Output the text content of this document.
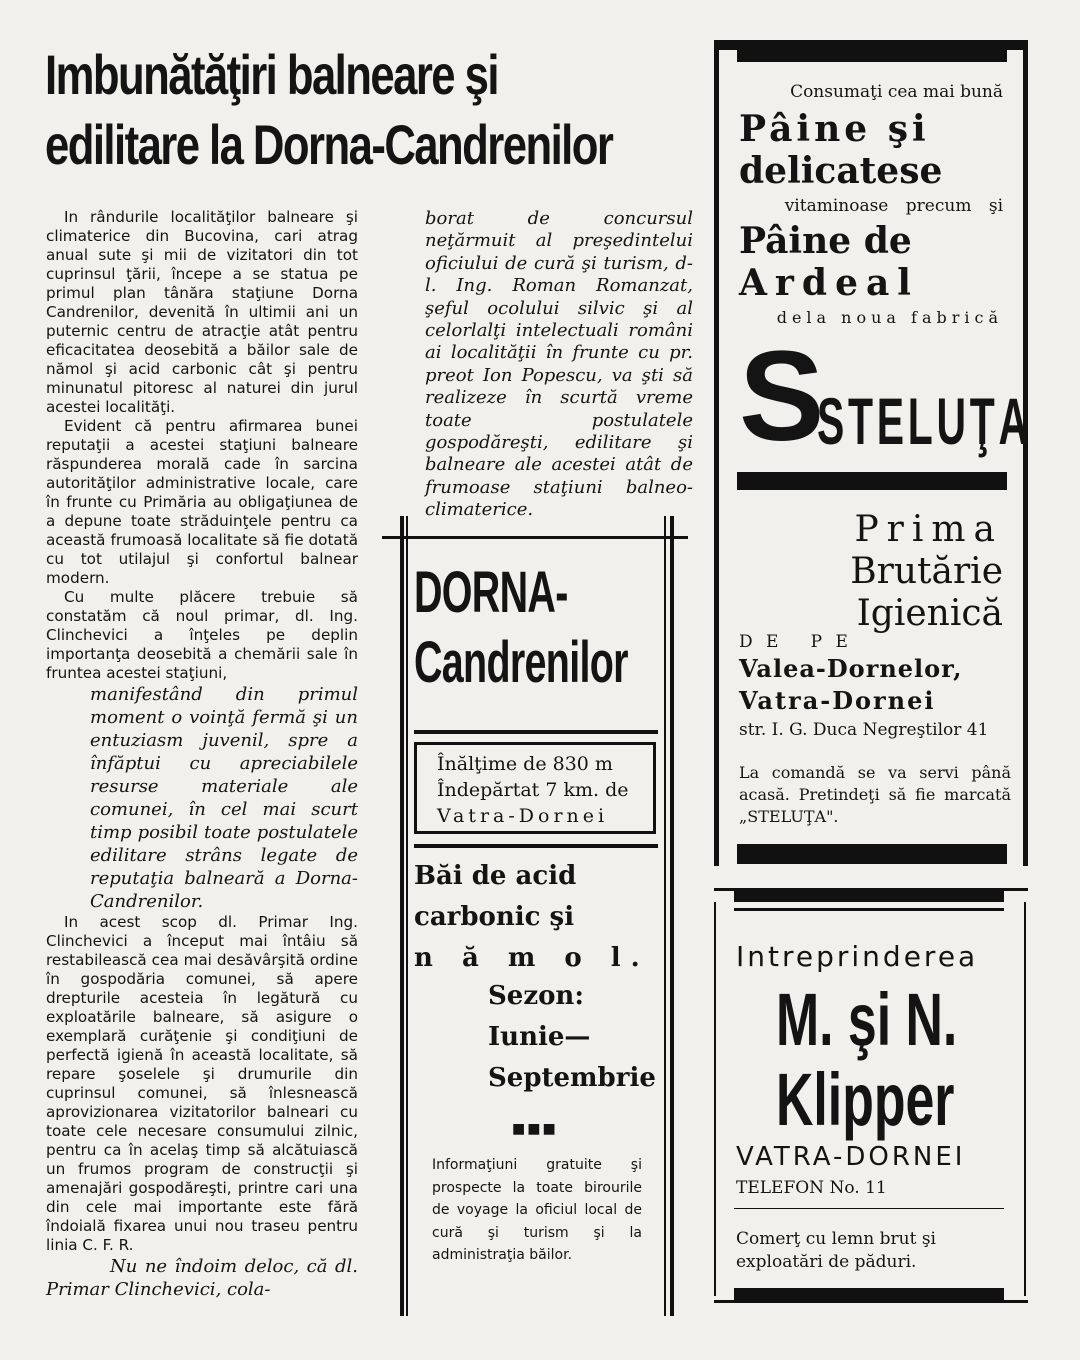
Imbunătăţiri balneare şi
edilitare la Dorna-Candrenilor

In rândurile localităţilor balneare şi climaterice din Bucovina, cari atrag anual sute şi mii de vizitatori din tot cuprinsul ţării, începe a se statua pe primul plan tânăra staţiune Dorna Candrenilor, devenită în ultimii ani un puternic centru de atracţie atât pentru eficacitatea deosebită a băilor sale de nămol şi acid carbonic cât şi pentru minunatul pitoresc al naturei din jurul acestei localităţi.

Evident că pentru afirmarea bunei reputaţii a acestei staţiuni balneare răspunderea morală cade în sarcina autorităţilor administrative locale, care în frunte cu Primăria au obligaţiunea de a depune toate străduinţele pentru ca această frumoasă localitate să fie dotată cu tot utilajul şi confortul balnear modern.

Cu multe plăcere trebuie să constatăm că noul primar, dl. Ing. Clinchevici a înţeles pe deplin importanţa deosebită a chemării sale în fruntea acestei staţiuni,

manifestând din primul moment o voinţă fermă şi un entuziasm juvenil, spre a înfăptui cu apreciabilele resurse materiale ale comunei, în cel mai scurt timp posibil toate postulatele edilitare strâns legate de reputaţia balneară a Dorna-Candrenilor.

In acest scop dl. Primar Ing. Clinchevici a început mai întâiu să restabilească cea mai desăvârşită ordine în gospodăria comunei, să apere drepturile acesteia în legătură cu exploatările balneare, să asigure o exemplară curăţenie şi condiţiuni de perfectă igienă în această localitate, să repare şoselele şi drumurile din cuprinsul comunei, să înlesnească aprovizionarea vizitatorilor balneari cu toate cele necesare consumului zilnic, pentru ca în acelaş timp să alcătuiască un frumos program de construcţii şi amenajări gospodăreşti, printre cari una din cele mai importante este fără îndoială fixarea unui nou traseu pentru linia C. F. R.

Nu ne îndoim deloc, că dl. Primar Clinchevici, cola-

borat de concursul neţărmuit al preşedintelui oficiului de cură şi turism, d-l. Ing. Roman Romanzat, şeful ocolului silvic şi al celorlalţi intelectuali români ai localităţii în frunte cu pr. preot Ion Popescu, va şti să realizeze în scurtă vreme toate postulatele gospodăreşti, edilitare şi balneare ale acestei atât de frumoase staţiuni balneo-climaterice.
DORNA-
Candrenilor
Înălţime de 830 m
Îndepărtat 7 km. de
Vatra-Dornei
Băi de acid
carbonic şi
n ă m o l.
Sezon:
Iunie—
Septembrie
■■■
Informaţiuni gratuite şi prospecte la toate birourile de voyage la oficiul local de cură şi turism şi la administraţia băilor.
Consumaţi cea mai bună
Pâine şi
delicatese
vitaminoase precum şi
Pâine de
Ardeal
dela noua fabrică
S
STELUŢA
Prima
Brutărie
Igienică
D E   P E
Valea-Dornelor,
Vatra-Dornei
str. I. G. Duca Negreştilor 41
La comandă se va servi până acasă. Pretindeţi să fie marcată „STELUŢA".
Intreprinderea
M. şi N.
Klipper
VATRA-DORNEI
TELEFON No. 11
Comerţ cu lemn brut şi exploatări de păduri.
